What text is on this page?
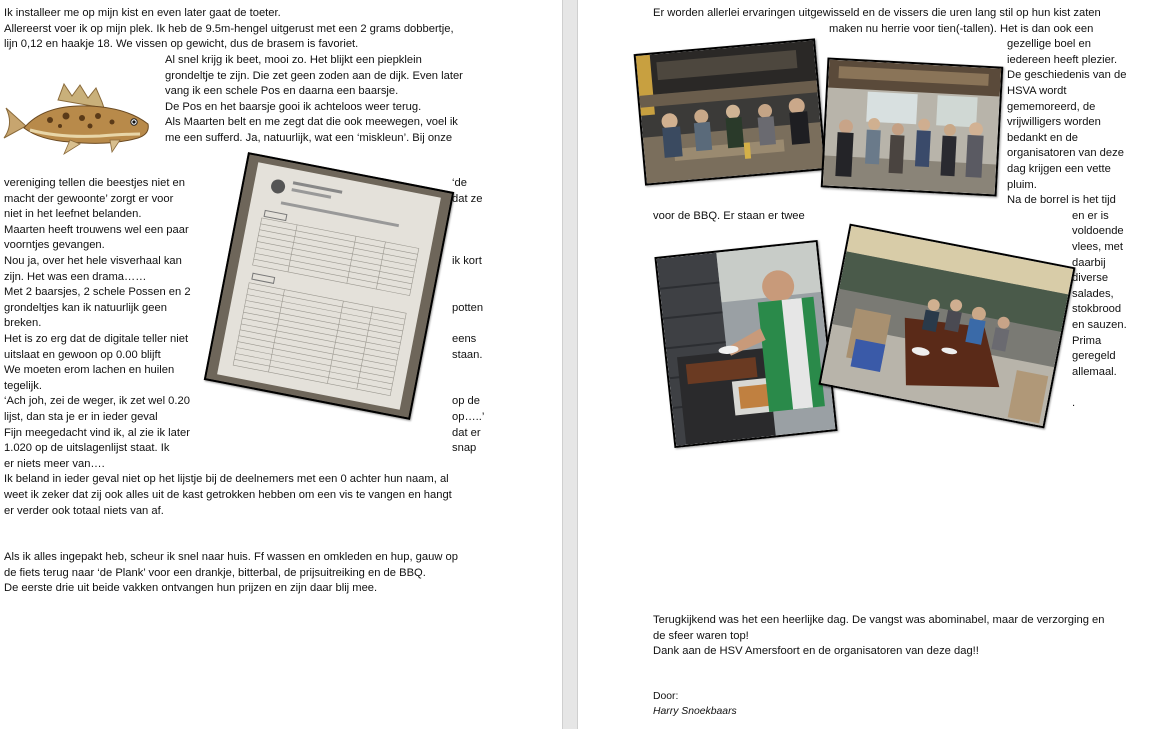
Ik installeer me op mijn kist en even later gaat de toeter.
Allereerst voer ik op mijn plek. Ik heb de 9.5m-hengel uitgerust met een 2 grams dobbertje,
lijn 0,12 en haakje 18. We vissen op gewicht, dus de brasem is favoriet.
Al snel krijg ik beet, mooi zo. Het blijkt een piepklein
grondeltje te zijn. Die zet geen zoden aan de dijk. Even later
vang ik een schele Pos en daarna een baarsje.
De Pos en het baarsje gooi ik achteloos weer terug.
Als Maarten belt en me zegt dat die ook meewegen, voel ik
me een sufferd. Ja, natuurlijk, wat een ‘miskleun’. Bij onze
vereniging tellen die beestjes niet en
macht der gewoonte’ zorgt er voor
niet in het leefnet belanden.
Maarten heeft trouwens wel een paar
voorntjes gevangen.
Nou ja, over het hele visverhaal kan
zijn. Het was een drama……
Met 2 baarsjes, 2 schele Possen en 2
grondeltjes kan ik natuurlijk geen
breken.
Het is zo erg dat de digitale teller niet
uitslaat en gewoon op 0.00 blijft
We moeten erom lachen en huilen
tegelijk.
‘Ach joh, zei de weger, ik zet wel 0.20
lijst, dan sta je er in ieder geval
Fijn meegedacht vind ik, al zie ik later
1.020 op de uitslagenlijst staat. Ik
er niets meer van….
‘de
dat ze
ik kort
potten
eens
staan.
op de
op…..’
dat er
snap
Ik beland in ieder geval niet op het lijstje bij de deelnemers met een 0 achter hun naam, al
weet ik zeker dat zij ook alles uit de kast getrokken hebben om een vis te vangen en hangt
er verder ook totaal niets van af.
Als ik alles ingepakt heb, scheur ik snel naar huis. Ff wassen en omkleden en hup, gauw op
de fiets terug naar ‘de Plank’ voor een drankje, bitterbal, de prijsuitreiking en de BBQ.
De eerste drie uit beide vakken ontvangen hun prijzen en zijn daar blij mee.
Er worden allerlei ervaringen uitgewisseld en de vissers die uren lang stil op hun kist zaten
maken nu herrie voor tien(-tallen). Het is dan ook een
gezellige boel en
iedereen heeft plezier.
De geschiedenis van de
HSVA wordt
gememoreerd, de
vrijwilligers worden
bedankt en de
organisatoren van deze
dag krijgen een vette
pluim.
Na de borrel is het tijd
voor de BBQ. Er staan er twee	en er is
voldoende
vlees, met
daarbij
diverse
salades,
stokbrood
en sauzen.
Prima
geregeld
allemaal.
.
Terugkijkend was het een heerlijke dag. De vangst was abominabel, maar de verzorging en
de sfeer waren top!
Dank aan de HSV Amersfoort en de organisatoren van deze dag!!
Door:
Harry Snoekbaars
